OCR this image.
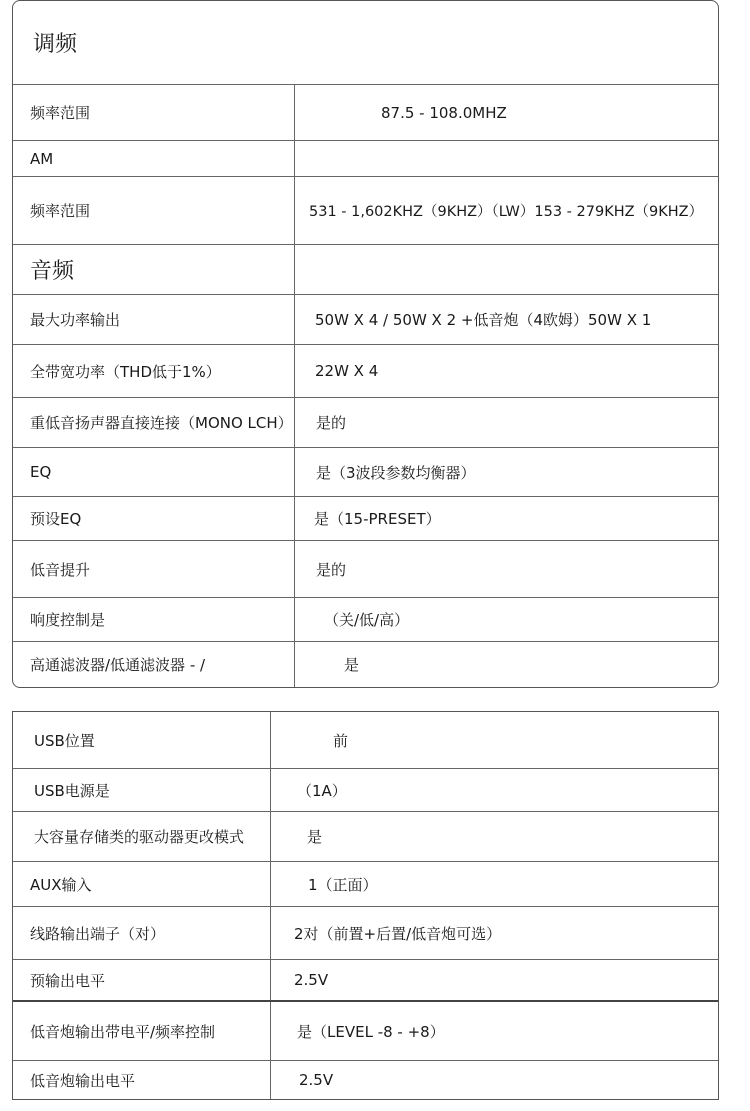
调频
频率范围	87.5 - 108.0MHZ
AM
频率范围	531 - 1,602KHZ（9KHZ）（LW）153 - 279KHZ（9KHZ）
音频
最大功率输出	50W X 4 / 50W X 2 +低音炮（4欧姆）50W X 1
全带宽功率（THD低于1%）	22W X 4
重低音扬声器直接连接（MONO LCH）	是的
EQ	是（3波段参数均衡器）
预设EQ	是（15-PRESET）
低音提升	是的
响度控制是	（关/低/高）
高通滤波器/低通滤波器 - /	是
USB位置	前
USB电源是	（1A）
大容量存储类的驱动器更改模式	是
AUX输入	1（正面）
线路输出端子（对）	2对（前置+后置/低音炮可选）
预输出电平	2.5V
低音炮输出带电平/频率控制	是（LEVEL -8 - +8）
低音炮输出电平	2.5V
